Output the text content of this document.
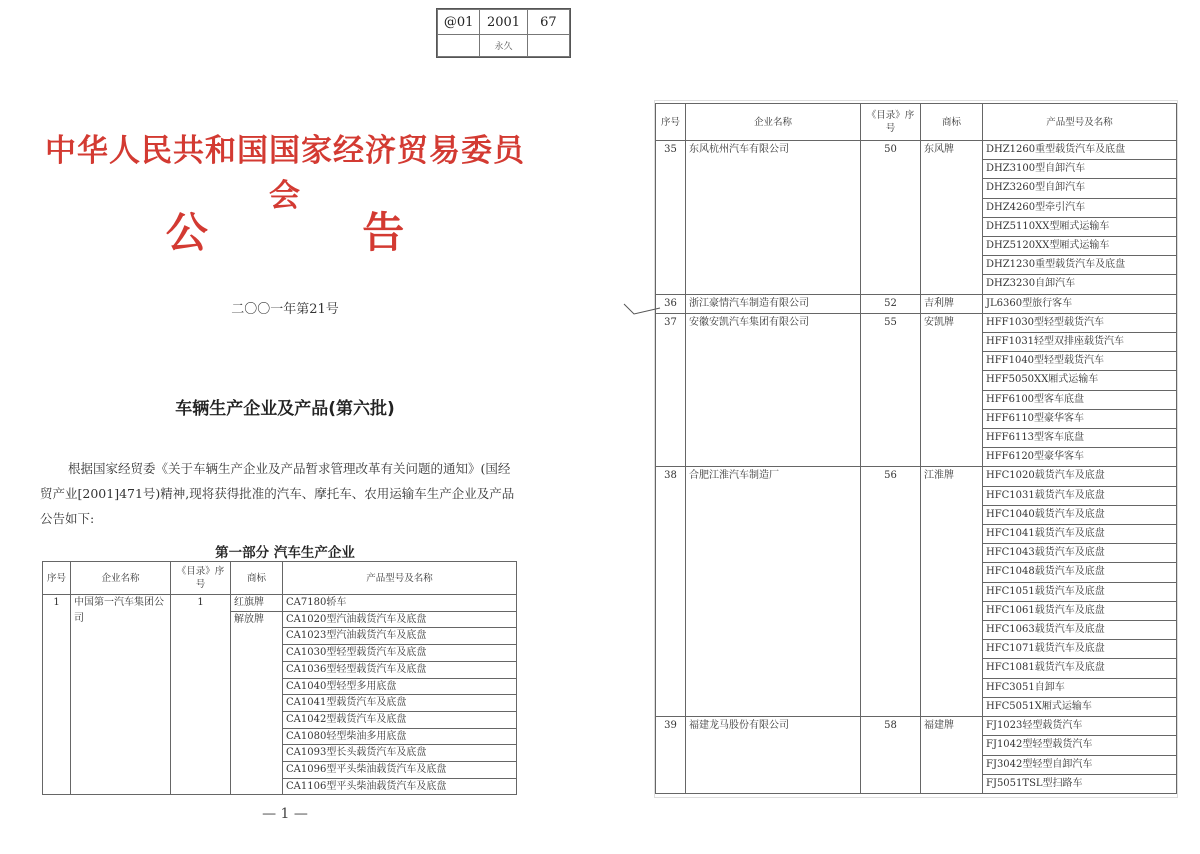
@01	2001	67
	永久	
中华人民共和国国家经济贸易委员会
公 告
二〇〇一年第21号
车辆生产企业及产品(第六批)
根据国家经贸委《关于车辆生产企业及产品暂求管理改革有关问题的通知》(国经贸产业[2001]471号)精神,现将获得批准的汽车、摩托车、农用运输车生产企业及产品公告如下:
第一部分 汽车生产企业
序号	企业名称	《目录》序号	商标	产品型号及名称
1	中国第一汽车集团公司	1	红旗牌	CA7180轿车
			解放牌	CA1020型汽油载货汽车及底盘
				CA1023型汽油载货汽车及底盘
				CA1030型轻型载货汽车及底盘
				CA1036型轻型载货汽车及底盘
				CA1040型轻型多用底盘
				CA1041型载货汽车及底盘
				CA1042型载货汽车及底盘
				CA1080轻型柴油多用底盘
				CA1093型长头载货汽车及底盘
				CA1096型平头柴油载货汽车及底盘
				CA1106型平头柴油载货汽车及底盘
— 1 —
序号	企业名称	《目录》序号	商标	产品型号及名称
35	东风杭州汽车有限公司	50	东风牌	DHZ1260重型载货汽车及底盘
				DHZ3100型自卸汽车
				DHZ3260型自卸汽车
				DHZ4260型牵引汽车
				DHZ5110XX型厢式运输车
				DHZ5120XX型厢式运输车
				DHZ1230重型载货汽车及底盘
				DHZ3230自卸汽车
36	浙江豪情汽车制造有限公司	52	吉利牌	JL6360型旅行客车
37	安徽安凯汽车集团有限公司	55	安凯牌	HFF1030型轻型载货汽车
				HFF1031轻型双排座载货汽车
				HFF1040型轻型载货汽车
				HFF5050XX厢式运输车
				HFF6100型客车底盘
				HFF6110型豪华客车
				HFF6113型客车底盘
				HFF6120型豪华客车
38	合肥江淮汽车制造厂	56	江淮牌	HFC1020载货汽车及底盘
				HFC1031载货汽车及底盘
				HFC1040载货汽车及底盘
				HFC1041载货汽车及底盘
				HFC1043载货汽车及底盘
				HFC1048载货汽车及底盘
				HFC1051载货汽车及底盘
				HFC1061载货汽车及底盘
				HFC1063载货汽车及底盘
				HFC1071载货汽车及底盘
				HFC1081载货汽车及底盘
				HFC3051自卸车
				HFC5051X厢式运输车
39	福建龙马股份有限公司	58	福建牌	FJ1023轻型载货汽车
				FJ1042型轻型载货汽车
				FJ3042型轻型自卸汽车
				FJ5051TSL型扫路车
